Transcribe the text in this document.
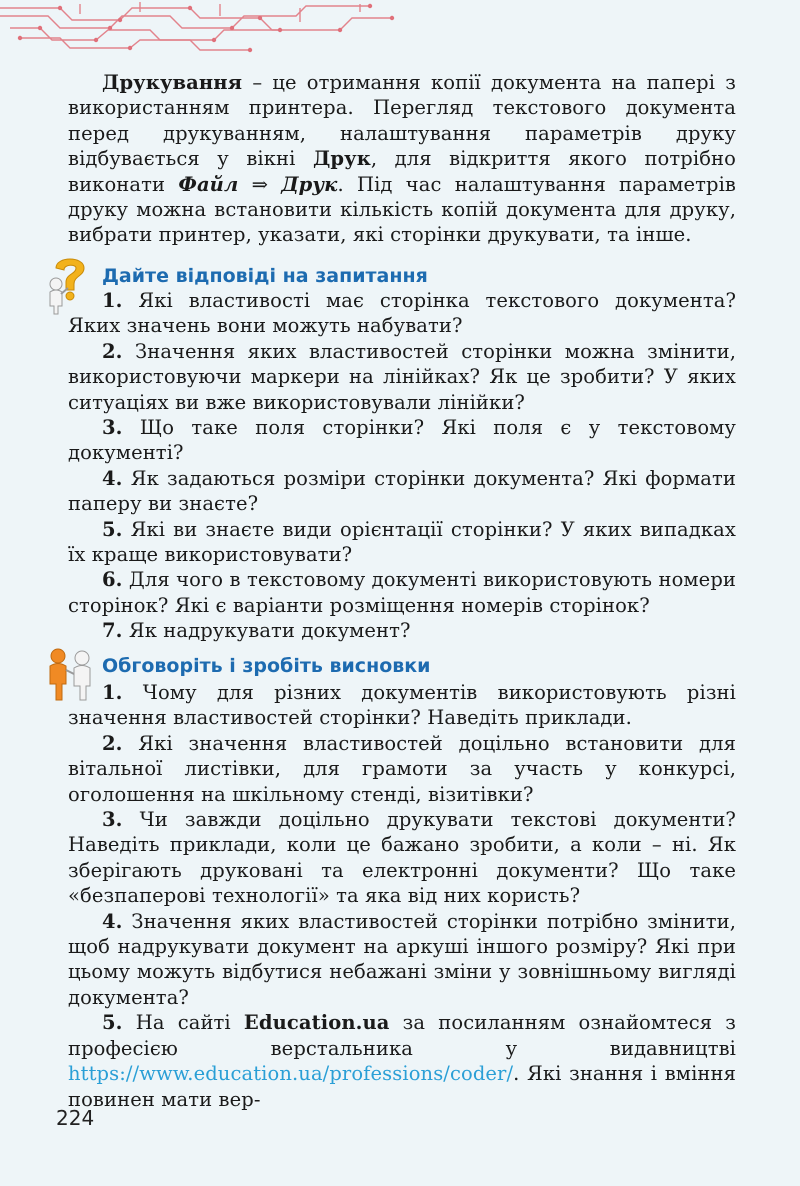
Друкування – це отримання копії документа на папері з використанням принтера. Перегляд текстового документа перед друкуванням, налаштування параметрів друку відбувається у вікні Друк, для відкриття якого потрібно виконати Файл ⇒ Друк. Під час налаштування параметрів друку можна встановити кількість копій документа для друку, вибрати принтер, указати, які сторінки друкувати, та інше.

Дайте відповіді на запитання

1. Які властивості має сторінка текстового документа? Яких значень вони можуть набувати?

2. Значення яких властивостей сторінки можна змінити, використовуючи маркери на лінійках? Як це зробити? У яких ситуаціях ви вже використовували лінійки?

3. Що таке поля сторінки? Які поля є у текстовому документі?

4. Як задаються розміри сторінки документа? Які формати паперу ви знаєте?

5. Які ви знаєте види орієнтації сторінки? У яких випадках їх краще використовувати?

6. Для чого в текстовому документі використовують номери сторінок? Які є варіанти розміщення номерів сторінок?

7. Як надрукувати документ?

Обговоріть і зробіть висновки

1. Чому для різних документів використовують різні значення властивостей сторінки? Наведіть приклади.

2. Які значення властивостей доцільно встановити для вітальної листівки, для грамоти за участь у конкурсі, оголошення на шкільному стенді, візитівки?

3. Чи завжди доцільно друкувати текстові документи? Наведіть приклади, коли це бажано зробити, а коли – ні. Як зберігають друковані та електронні документи? Що таке «безпаперові технології» та яка від них користь?

4. Значення яких властивостей сторінки потрібно змінити, щоб надрукувати документ на аркуші іншого розміру? Які при цьому можуть відбутися небажані зміни у зовнішньому вигляді документа?

5. На сайті Education.ua за посиланням ознайомтеся з професією верстальника у видавництві https://www.education.ua/professions/coder/. Які знання і вміння повинен мати вер-

224
